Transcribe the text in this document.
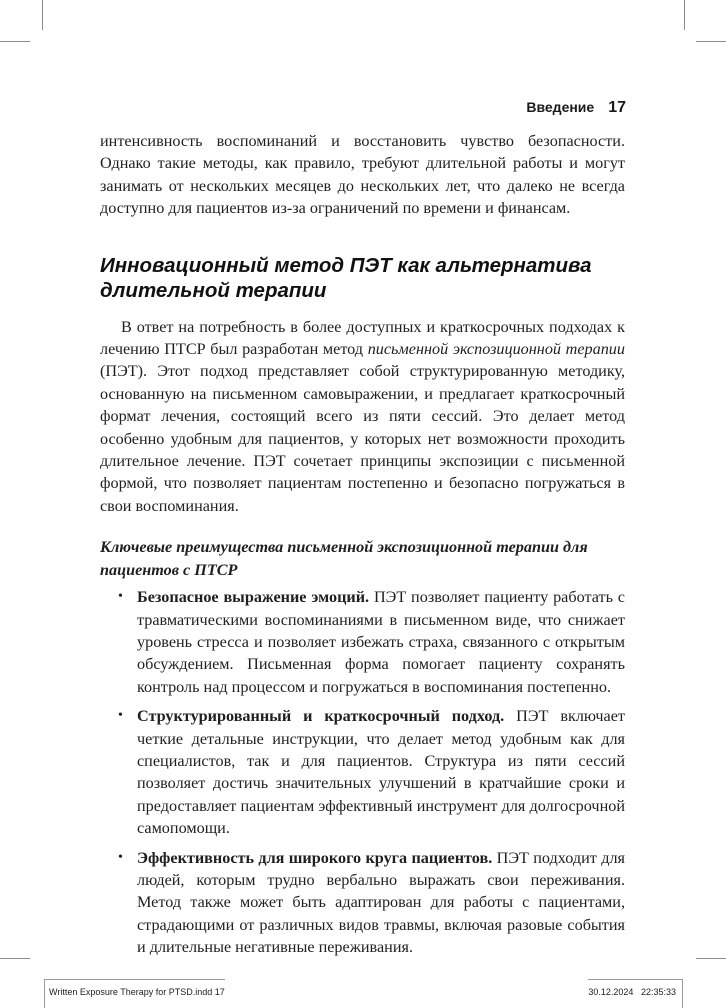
Введение 17

интенсивность воспоминаний и восстановить чувство безопасности. Однако такие методы, как правило, требуют длительной работы и могут занимать от нескольких месяцев до нескольких лет, что далеко не всегда доступно для пациентов из-за ограничений по времени и финансам.

Инновационный метод ПЭТ как альтернатива длительной терапии

В ответ на потребность в более доступных и краткосрочных подходах к лечению ПТСР был разработан метод письменной экспозиционной терапии (ПЭТ). Этот подход представляет собой структурированную методику, основанную на письменном самовыражении, и предлагает краткосрочный формат лечения, состоящий всего из пяти сессий. Это делает метод особенно удобным для пациентов, у которых нет возможности проходить длительное лечение. ПЭТ сочетает принципы экспозиции с письменной формой, что позволяет пациентам постепенно и безопасно погружаться в свои воспоминания.

Ключевые преимущества письменной экспозиционной терапии для пациентов с ПТСР
• Безопасное выражение эмоций. ПЭТ позволяет пациенту работать с травматическими воспоминаниями в письменном виде, что снижает уровень стресса и позволяет избежать страха, связанного с открытым обсуждением. Письменная форма помогает пациенту сохранять контроль над процессом и погружаться в воспоминания постепенно.
• Структурированный и краткосрочный подход. ПЭТ включает четкие детальные инструкции, что делает метод удобным как для специалистов, так и для пациентов. Структура из пяти сессий позволяет достичь значительных улучшений в кратчайшие сроки и предоставляет пациентам эффективный инструмент для долгосрочной самопомощи.
• Эффективность для широкого круга пациентов. ПЭТ подходит для людей, которым трудно вербально выражать свои переживания. Метод также может быть адаптирован для работы с пациентами, страдающими от различных видов травмы, включая разовые события и длительные негативные переживания.
Written Exposure Therapy for PTSD.indd 17	30.12.2024 22:35:33
